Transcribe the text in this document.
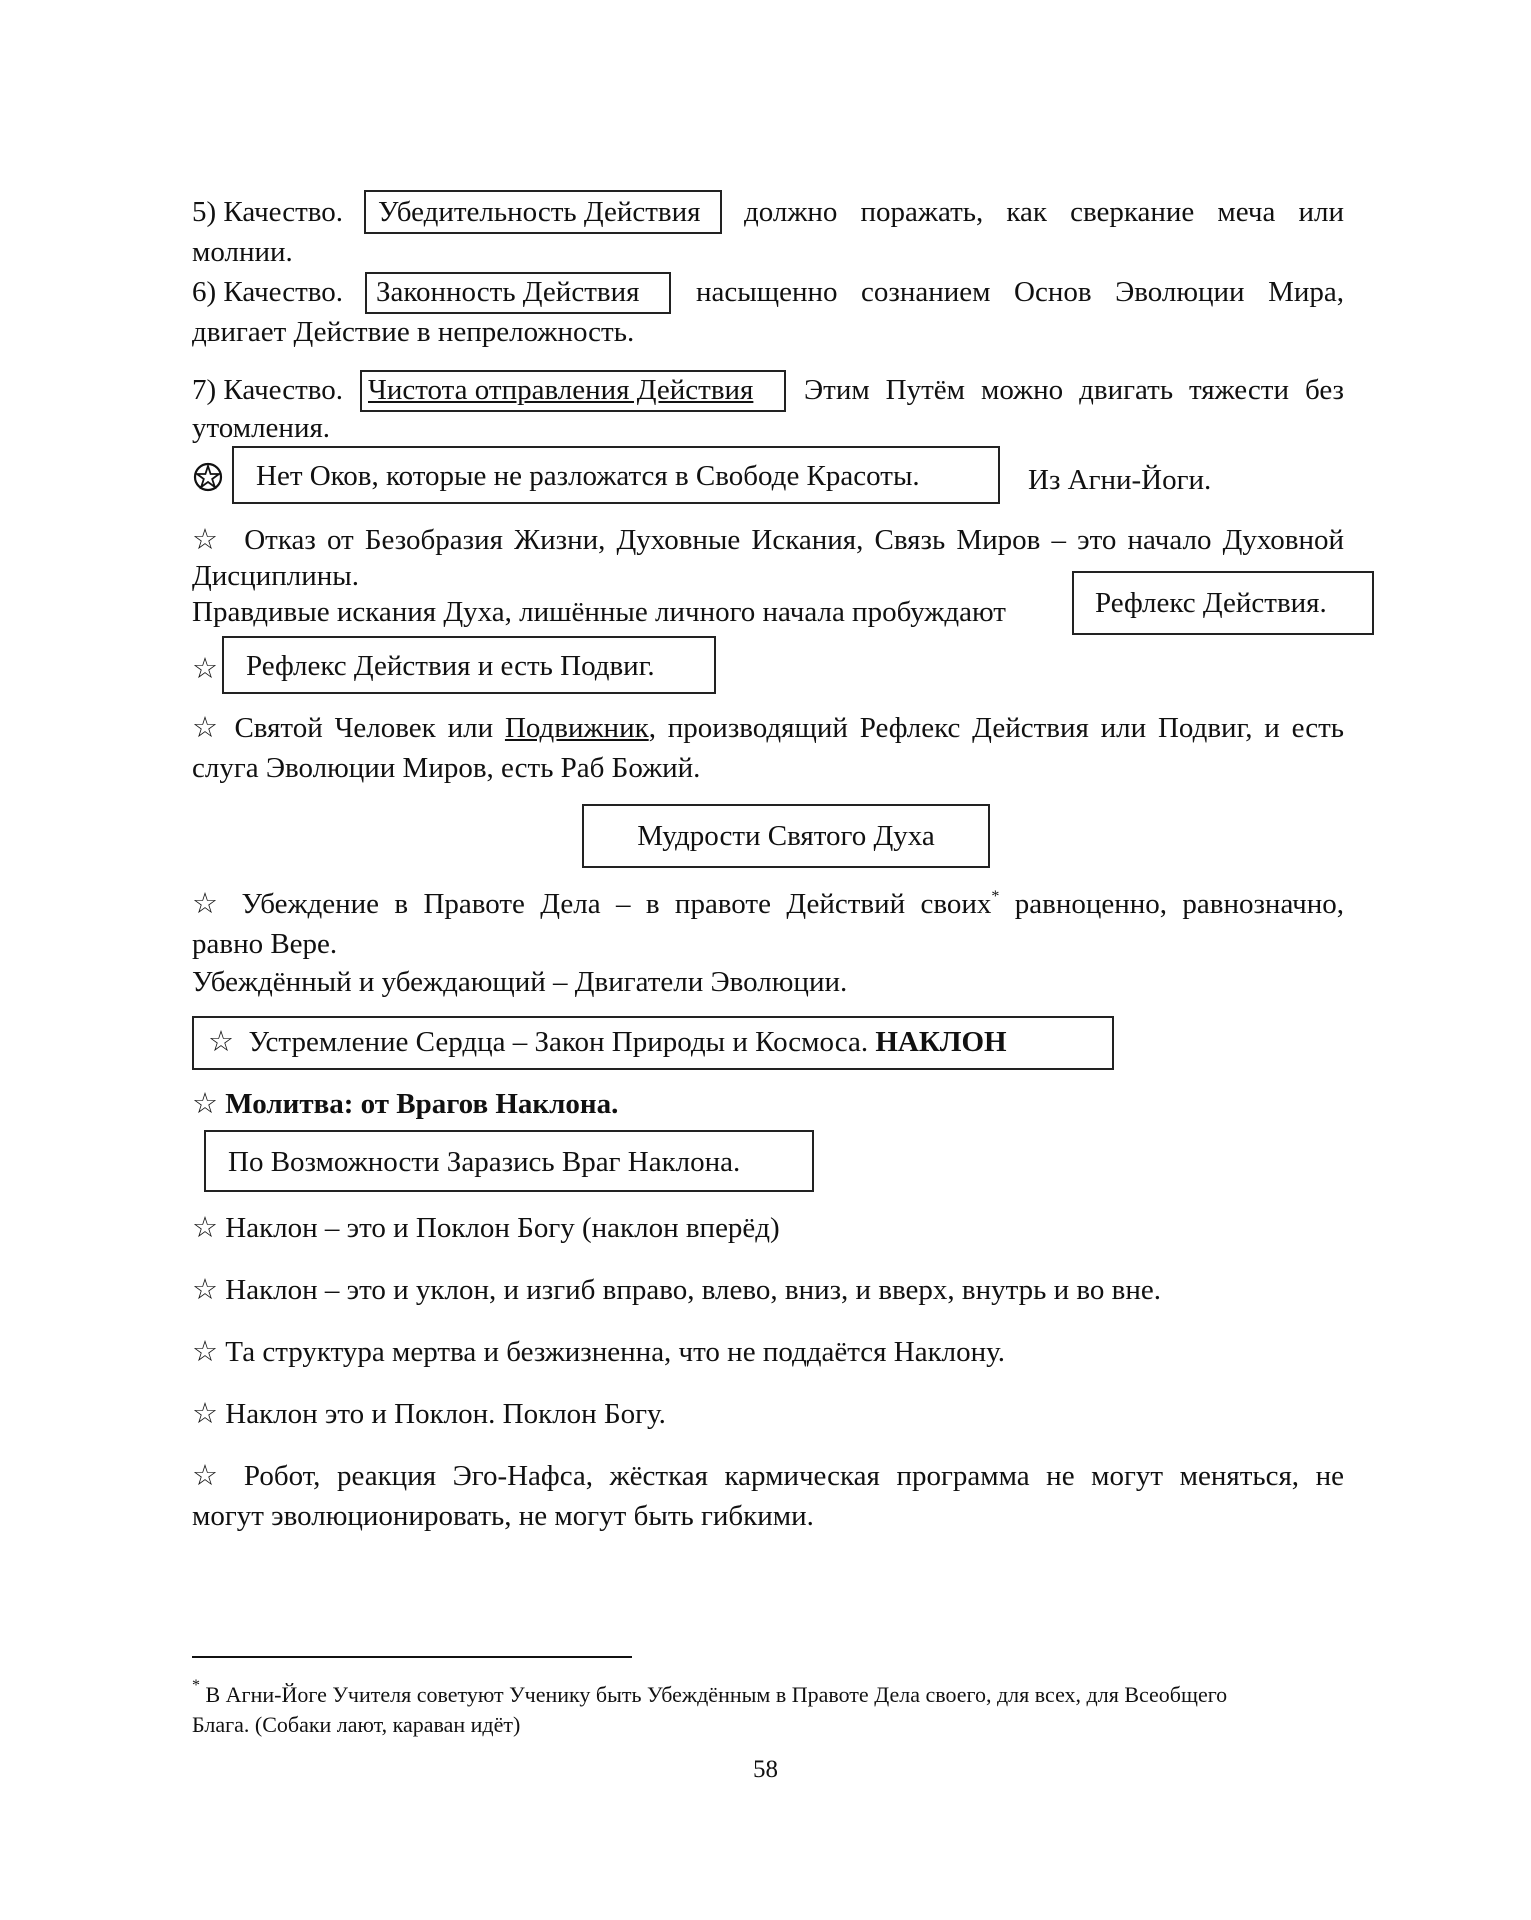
5) Качество. Убедительность Действия должно поражать, как сверкание меча или
молнии.
6) Качество. Законность Действия насыщенно сознанием Основ Эволюции Мира,
двигает Действие в непреложность.
7) Качество. Чистота отправления Действия Этим Путём можно двигать тяжести без
утомления.
Нет Оков, которые не разложатся в Свободе Красоты.	Из Агни-Йоги.
☆ Отказ от Безобразия Жизни, Духовные Искания, Связь Миров – это начало Духовной
Дисциплины.
Правдивые искания Духа, лишённые личного начала пробуждают	Рефлекс Действия.
☆ Рефлекс Действия и есть Подвиг.
☆ Святой Человек или Подвижник, производящий Рефлекс Действия или Подвиг, и есть
слуга Эволюции Миров, есть Раб Божий.
Мудрости Святого Духа
☆ Убеждение в Правоте Дела – в правоте Действий своих* равноценно, равнозначно,
равно Вере.
Убеждённый и убеждающий – Двигатели Эволюции.
☆ Устремление Сердца – Закон Природы и Космоса. НАКЛОН
☆ Молитва: от Врагов Наклона.
По Возможности Заразись Враг Наклона.
☆ Наклон – это и Поклон Богу (наклон вперёд)
☆ Наклон – это и уклон, и изгиб вправо, влево, вниз, и вверх, внутрь и во вне.
☆ Та структура мертва и безжизненна, что не поддаётся Наклону.
☆ Наклон это и Поклон. Поклон Богу.
☆ Робот, реакция Эго-Нафса, жёсткая кармическая программа не могут меняться, не
могут эволюционировать, не могут быть гибкими.
* В Агни-Йоге Учителя советуют Ученику быть Убеждённым в Правоте Дела своего, для всех, для Всеобщего
Блага. (Собаки лают, караван идёт)
58
